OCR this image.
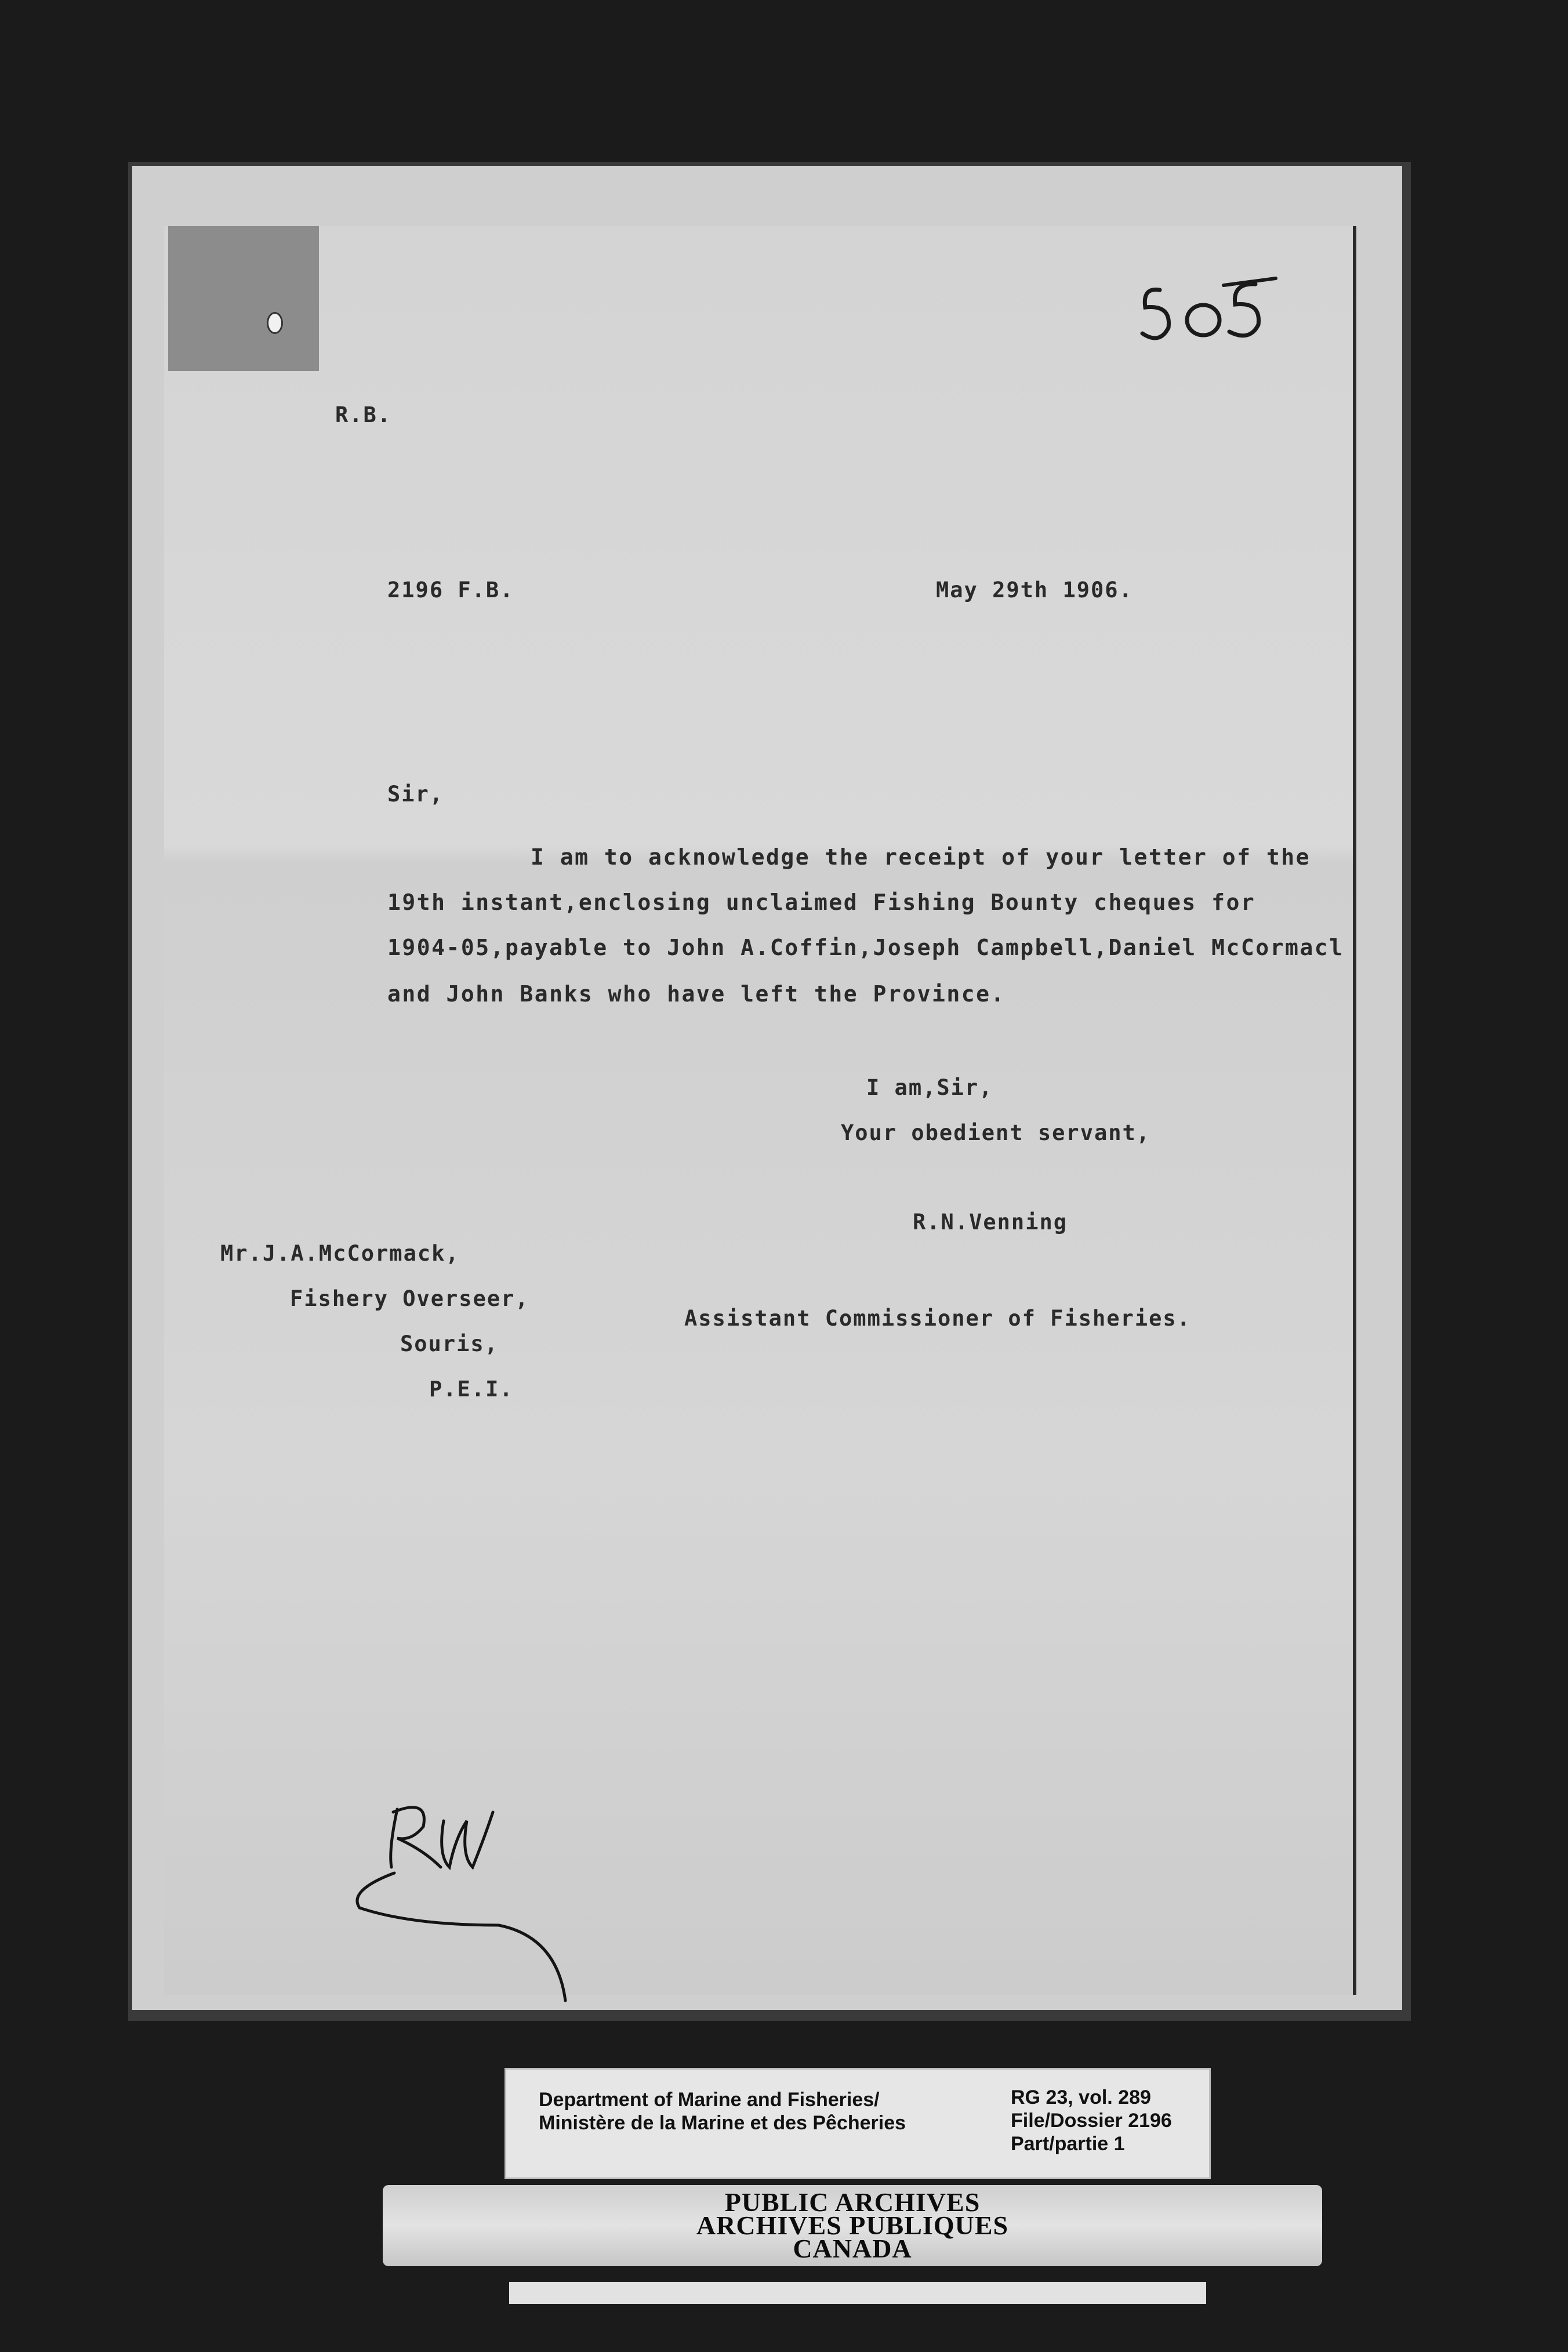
R.B.
2196 F.B.	May 29th 1906.
Sir,
I am to acknowledge the receipt of your letter of the
19th instant,enclosing unclaimed Fishing Bounty cheques for
1904-05,payable to John A.Coffin,Joseph Campbell,Daniel McCormacl
and John Banks who have left the Province.
I am,Sir,
Your obedient servant,
R.N.Venning
Mr.J.A.McCormack,
Fishery Overseer,
Souris,
P.E.I.
Assistant Commissioner of Fisheries.
Department of Marine and Fisheries/
Ministère de la Marine et des Pêcheries
RG 23, vol. 289
File/Dossier 2196
Part/partie 1
PUBLIC ARCHIVES
ARCHIVES PUBLIQUES
CANADA
